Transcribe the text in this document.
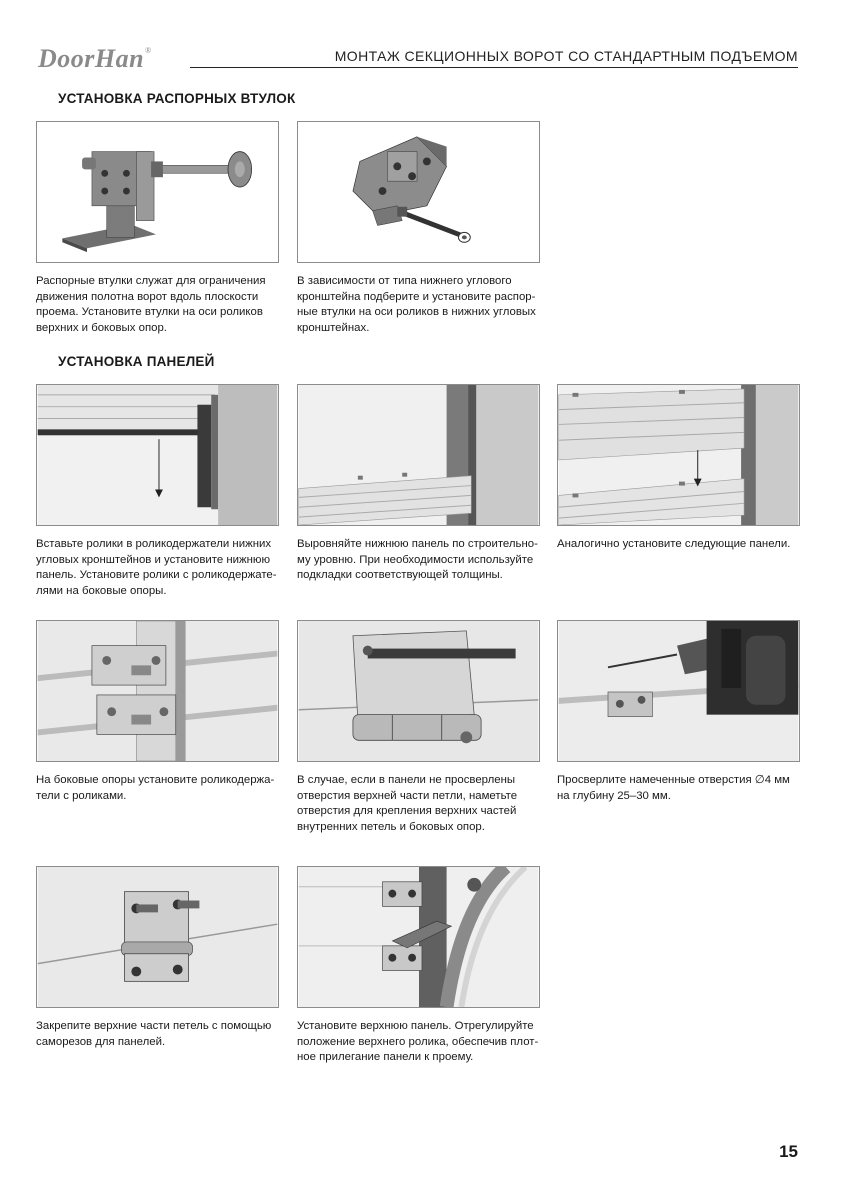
DoorHan®	МОНТАЖ СЕКЦИОННЫХ ВОРОТ СО СТАНДАРТНЫМ ПОДЪЕМОМ
УСТАНОВКА РАСПОРНЫХ ВТУЛОК
Распорные втулки служат для ограничения
движения полотна ворот вдоль плоскости
проема. Установите втулки на оси роликов
верхних и боковых опор.
В зависимости от типа нижнего углового
кронштейна подберите и установите распор-
ные втулки на оси роликов в нижних угловых
кронштейнах.
УСТАНОВКА ПАНЕЛЕЙ
Вставьте ролики в роликодержатели нижних
угловых кронштейнов и установите нижнюю
панель. Установите ролики с роликодержате-
лями на боковые опоры.
Выровняйте нижнюю панель по строительно-
му уровню. При необходимости используйте
подкладки соответствующей толщины.
Аналогично установите следующие панели.
На боковые опоры установите роликодержа-
тели с роликами.
В случае, если в панели не просверлены
отверстия верхней части петли, наметьте
отверстия для крепления верхних частей
внутренних петель и боковых опор.
Просверлите намеченные отверстия ∅4 мм
на глубину 25–30 мм.
Закрепите верхние части петель с помощью
саморезов для панелей.
Установите верхнюю панель. Отрегулируйте
положение верхнего ролика, обеспечив плот-
ное прилегание панели к проему.
15
